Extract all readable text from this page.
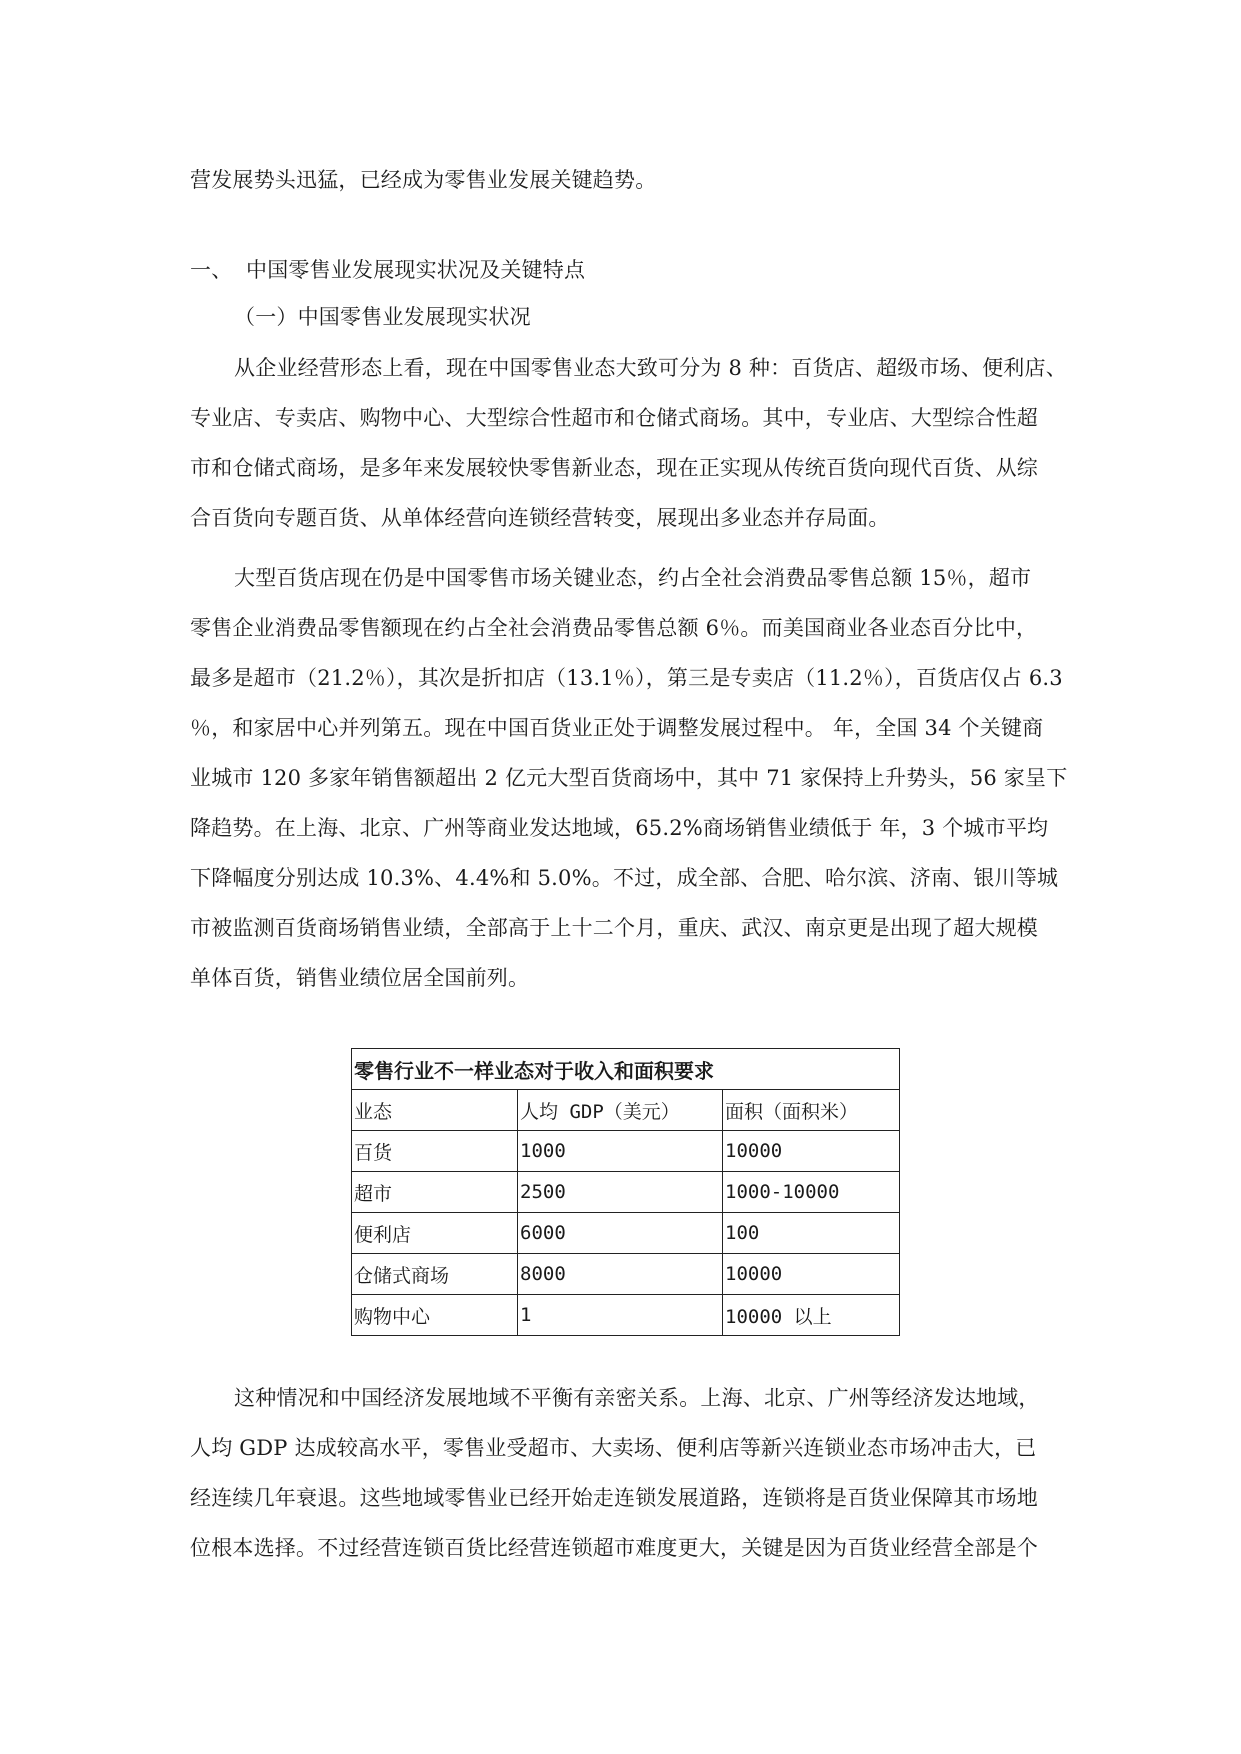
营发展势头迅猛，已经成为零售业发展关键趋势。
一、 中国零售业发展现实状况及关键特点
（一）中国零售业发展现实状况
从企业经营形态上看，现在中国零售业态大致可分为 8 种：百货店、超级市场、便利店、
专业店、专卖店、购物中心、大型综合性超市和仓储式商场。其中，专业店、大型综合性超
市和仓储式商场，是多年来发展较快零售新业态，现在正实现从传统百货向现代百货、从综
合百货向专题百货、从单体经营向连锁经营转变，展现出多业态并存局面。
大型百货店现在仍是中国零售市场关键业态，约占全社会消费品零售总额 15％，超市
零售企业消费品零售额现在约占全社会消费品零售总额 6％。而美国商业各业态百分比中，
最多是超市（21.2％），其次是折扣店（13.1％），第三是专卖店（11.2％），百货店仅占 6.3
％，和家居中心并列第五。现在中国百货业正处于调整发展过程中。 年，全国 34 个关键商
业城市 120 多家年销售额超出 2 亿元大型百货商场中，其中 71 家保持上升势头，56 家呈下
降趋势。在上海、北京、广州等商业发达地域，65.2%商场销售业绩低于 年，3 个城市平均
下降幅度分别达成 10.3%、4.4%和 5.0%。不过，成全部、合肥、哈尔滨、济南、银川等城
市被监测百货商场销售业绩，全部高于上十二个月，重庆、武汉、南京更是出现了超大规模
单体百货，销售业绩位居全国前列。
零售行业不一样业态对于收入和面积要求		
业态	人均 GDP（美元）	面积（面积米）
百货	1000	10000
超市	2500	1000-10000
便利店	6000	100
仓储式商场	8000	10000
购物中心	1	10000 以上
这种情况和中国经济发展地域不平衡有亲密关系。上海、北京、广州等经济发达地域，
人均 GDP 达成较高水平，零售业受超市、大卖场、便利店等新兴连锁业态市场冲击大，已
经连续几年衰退。这些地域零售业已经开始走连锁发展道路，连锁将是百货业保障其市场地
位根本选择。不过经营连锁百货比经营连锁超市难度更大，关键是因为百货业经营全部是个
